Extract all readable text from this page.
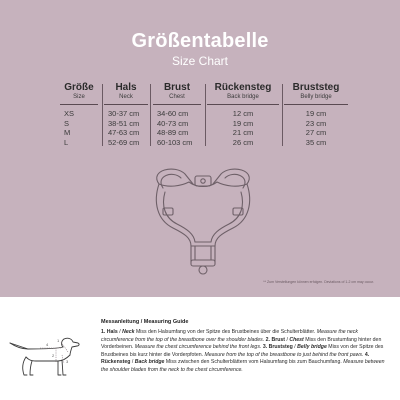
Größentabelle
Size Chart
Größe
Size
XS
S
M
L
Hals
Neck
30-37 cm
38-51 cm
47-63 cm
52-69 cm
Brust
Chest
34-60 cm
40-73 cm
48-89 cm
60-103 cm
Rückensteg
Back bridge
12 cm
19 cm
21 cm
26 cm
Bruststeg
Belly bridge
19 cm
23 cm
27 cm
35 cm
** Zum Verstellungen können erfolgen. Deviations of 1-2 cm may occur.
1
2
4
3
Messanleitung / Measuring Guide
1. Hals / Neck Miss den Halsumfang von der Spitze des Brustbeines über die Schulterblätter. Measure the neck circumference from the top of the breastbone over the shoulder blades. 2. Brust / Chest Miss den Brustumfang hinter den Vorderbeinen. Measure the chest circumference behind the front legs. 3. Bruststeg / Belly bridge Miss von der Spitze des Brustbeines bis kurz hinter die Vorderpfoten. Measure from the top of the breastbone to just behind the front paws. 4. Rückensteg / Back bridge Miss zwischen den Schulterblättern vom Halsumfang bis zum Bauchumfang. Measure between the shoulder blades from the neck to the chest circumference.
